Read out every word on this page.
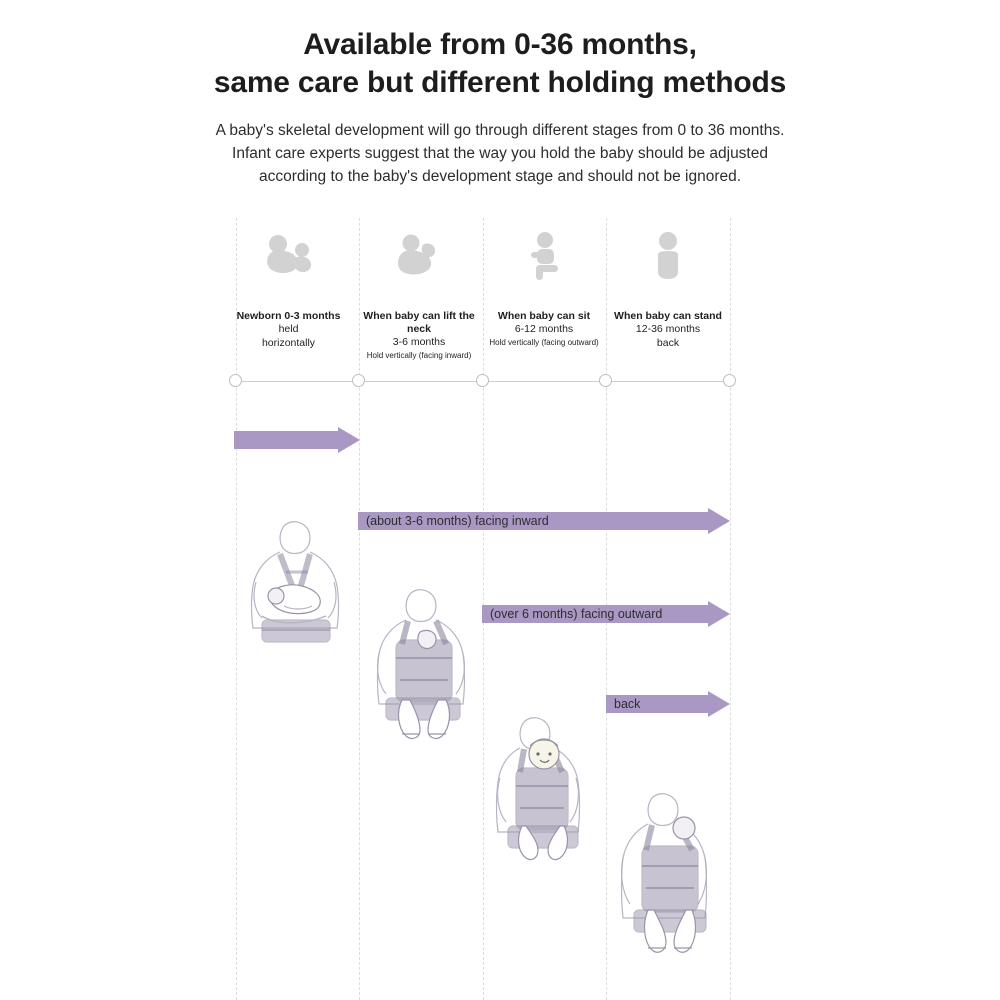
Available from 0-36 months,
same care but different holding methods
A baby's skeletal development will go through different stages from 0 to 36 months.
Infant care experts suggest that the way you hold the baby should be adjusted
according to the baby's development stage and should not be ignored.
Newborn 0-3 months
held
horizontally
When baby can lift the neck
3-6 months
Hold vertically (facing inward)
When baby can sit
6-12 months
Hold vertically (facing outward)
When baby can stand
12-36 months
back
(about 3-6 months) facing inward
(over 6 months) facing outward
back
